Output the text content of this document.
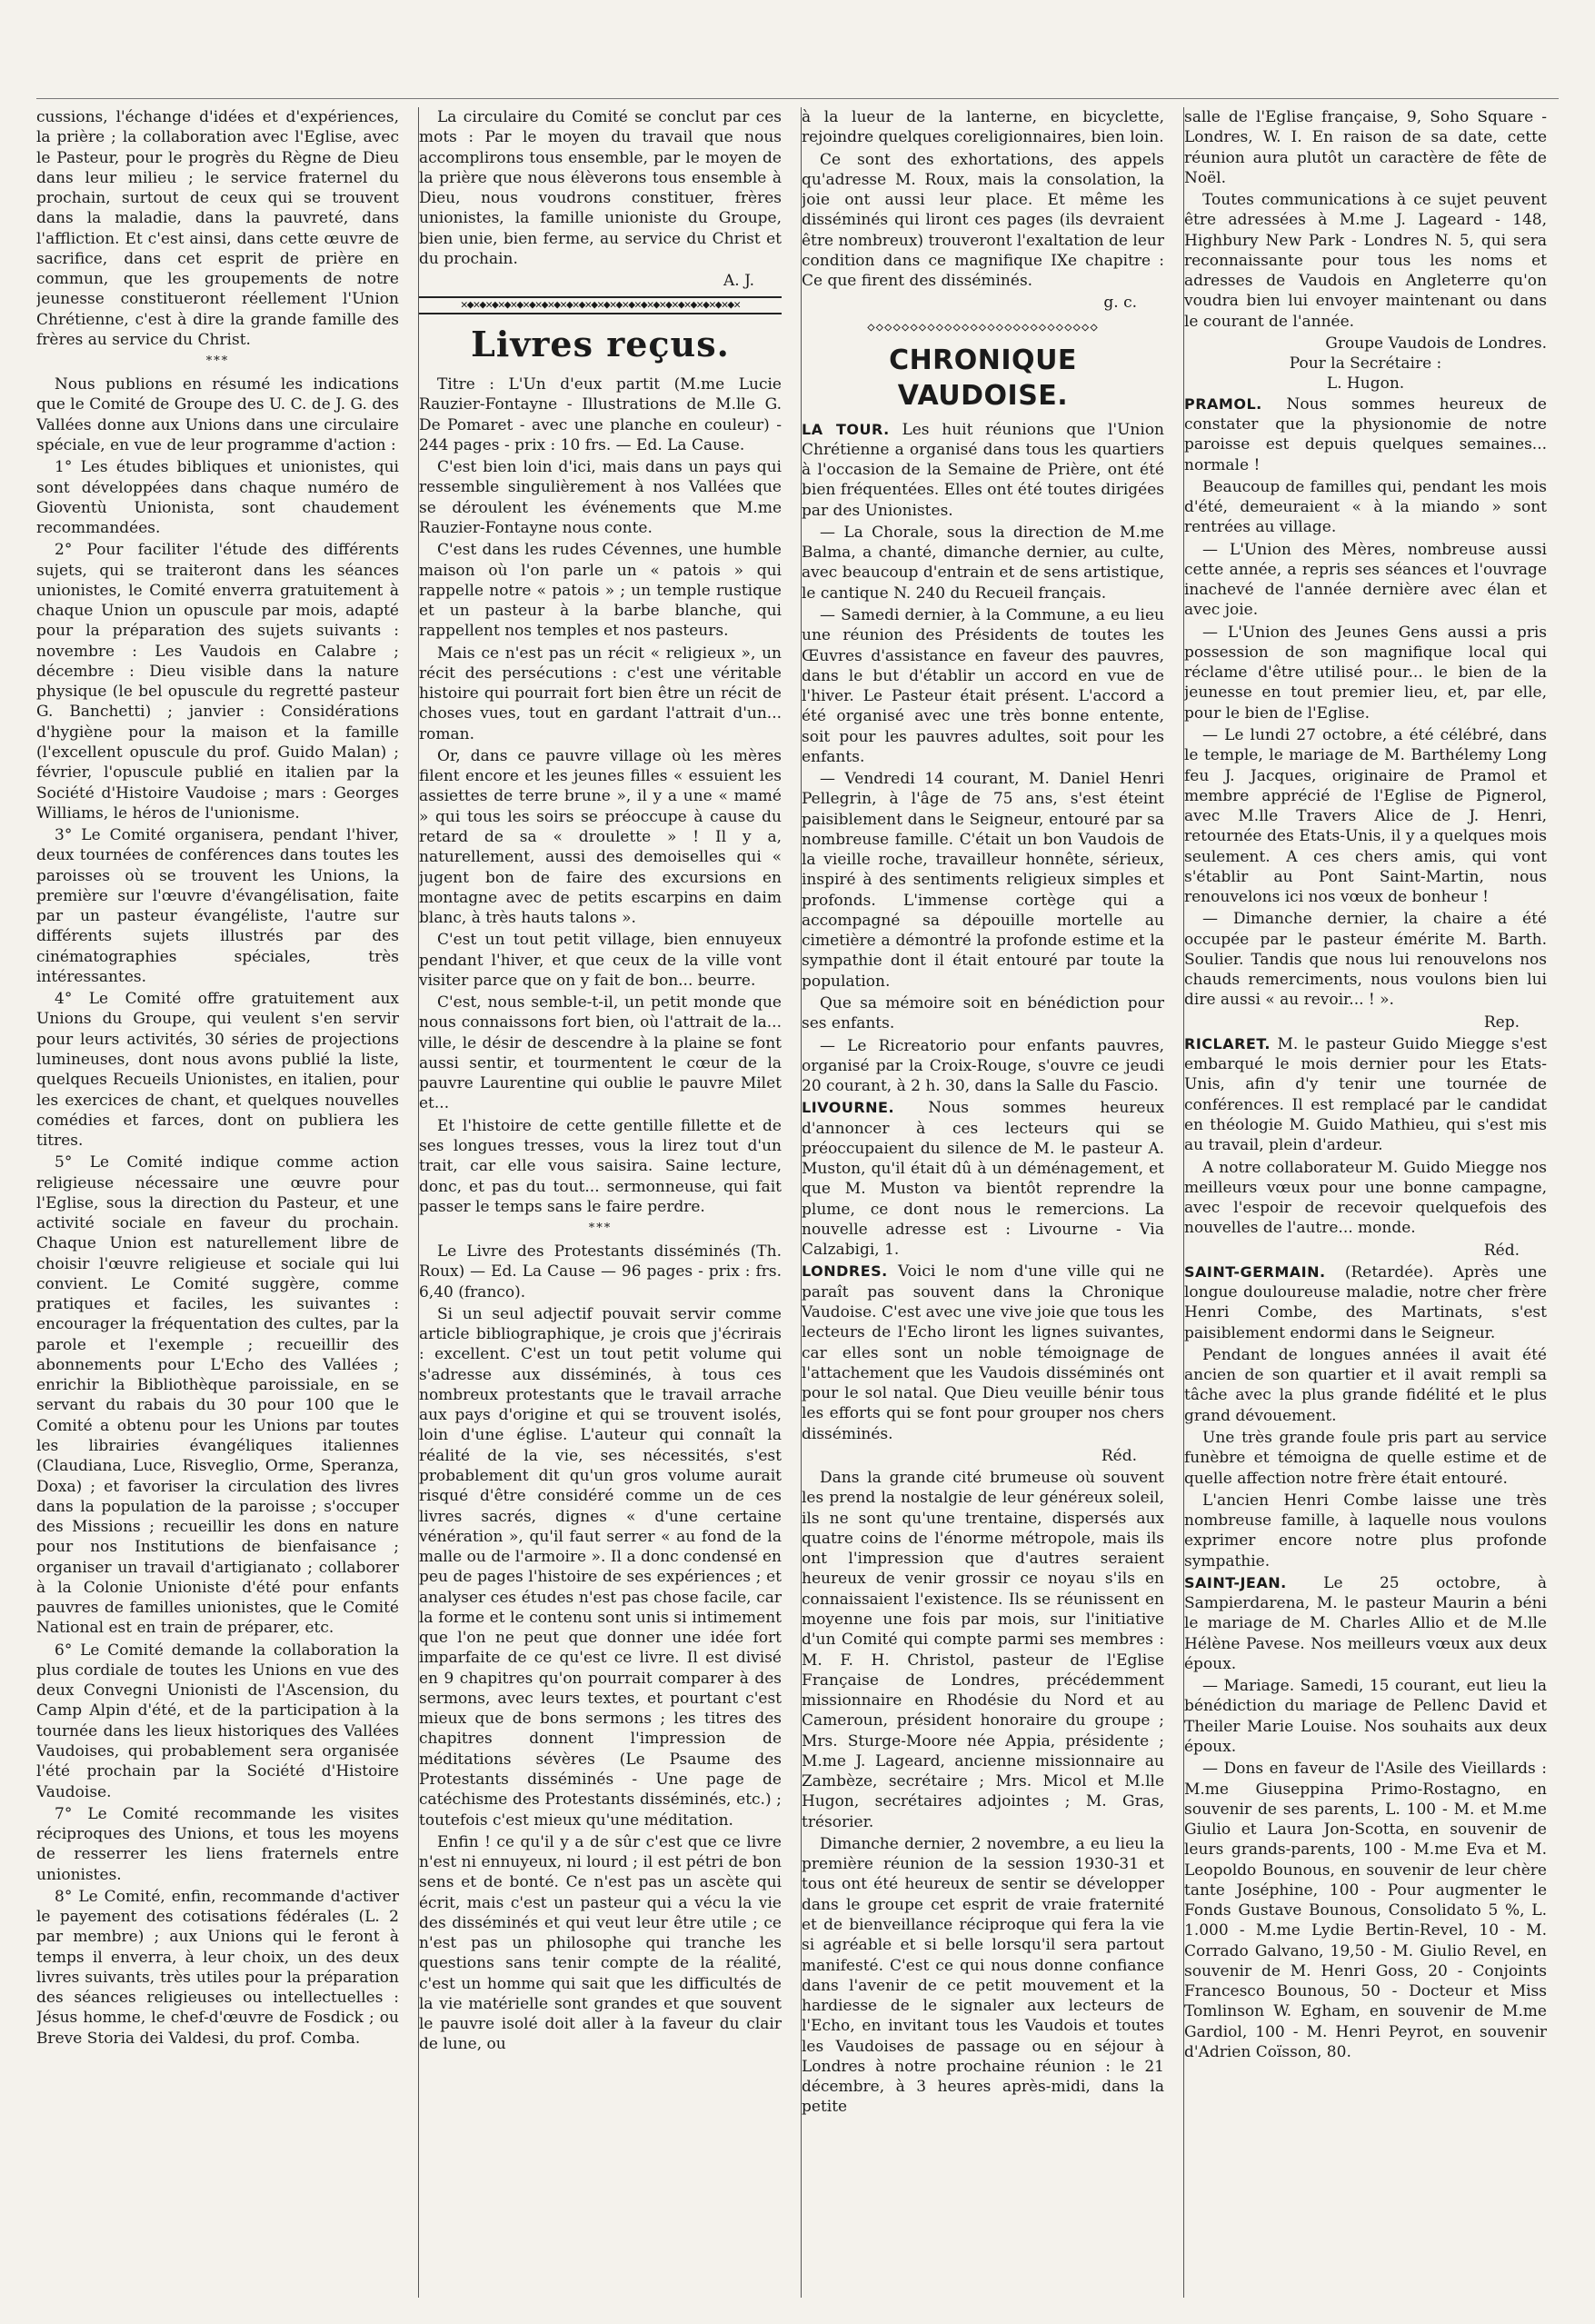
cussions, l'échange d'idées et d'expériences, la prière ; la collaboration avec l'Eglise, avec le Pasteur, pour le progrès du Règne de Dieu dans leur milieu ; le service fraternel du prochain, surtout de ceux qui se trouvent dans la maladie, dans la pauvreté, dans l'affliction. Et c'est ainsi, dans cette œuvre de sacrifice, dans cet esprit de prière en commun, que les groupements de notre jeunesse constitueront réellement l'Union Chrétienne, c'est à dire la grande famille des frères au service du Christ.

***

Nous publions en résumé les indications que le Comité de Groupe des U. C. de J. G. des Vallées donne aux Unions dans une circulaire spéciale, en vue de leur programme d'action :

1° Les études bibliques et unionistes, qui sont développées dans chaque numéro de Gioventù Unionista, sont chaudement recommandées.

2° Pour faciliter l'étude des différents sujets, qui se traiteront dans les séances unionistes, le Comité enverra gratuitement à chaque Union un opuscule par mois, adapté pour la préparation des sujets suivants : novembre : Les Vaudois en Calabre ; décembre : Dieu visible dans la nature physique (le bel opuscule du regretté pasteur G. Banchetti) ; janvier : Considérations d'hygiène pour la maison et la famille (l'excellent opuscule du prof. Guido Malan) ; février, l'opuscule publié en italien par la Société d'Histoire Vaudoise ; mars : Georges Williams, le héros de l'unionisme.

3° Le Comité organisera, pendant l'hiver, deux tournées de conférences dans toutes les paroisses où se trouvent les Unions, la première sur l'œuvre d'évangélisation, faite par un pasteur évangéliste, l'autre sur différents sujets illustrés par des cinématographies spéciales, très intéressantes.

4° Le Comité offre gratuitement aux Unions du Groupe, qui veulent s'en servir pour leurs activités, 30 séries de projections lumineuses, dont nous avons publié la liste, quelques Recueils Unionistes, en italien, pour les exercices de chant, et quelques nouvelles comédies et farces, dont on publiera les titres.

5° Le Comité indique comme action religieuse nécessaire une œuvre pour l'Eglise, sous la direction du Pasteur, et une activité sociale en faveur du prochain. Chaque Union est naturellement libre de choisir l'œuvre religieuse et sociale qui lui convient. Le Comité suggère, comme pratiques et faciles, les suivantes : encourager la fréquentation des cultes, par la parole et l'exemple ; recueillir des abonnements pour L'Echo des Vallées ; enrichir la Bibliothèque paroissiale, en se servant du rabais du 30 pour 100 que le Comité a obtenu pour les Unions par toutes les librairies évangéliques italiennes (Claudiana, Luce, Risveglio, Orme, Speranza, Doxa) ; et favoriser la circulation des livres dans la population de la paroisse ; s'occuper des Missions ; recueillir les dons en nature pour nos Institutions de bienfaisance ; organiser un travail d'artigianato ; collaborer à la Colonie Unioniste d'été pour enfants pauvres de familles unionistes, que le Comité National est en train de préparer, etc.

6° Le Comité demande la collaboration la plus cordiale de toutes les Unions en vue des deux Convegni Unionisti de l'Ascension, du Camp Alpin d'été, et de la participation à la tournée dans les lieux historiques des Vallées Vaudoises, qui probablement sera organisée l'été prochain par la Société d'Histoire Vaudoise.

7° Le Comité recommande les visites réciproques des Unions, et tous les moyens de resserrer les liens fraternels entre unionistes.

8° Le Comité, enfin, recommande d'activer le payement des cotisations fédérales (L. 2 par membre) ; aux Unions qui le feront à temps il enverra, à leur choix, un des deux livres suivants, très utiles pour la préparation des séances religieuses ou intellectuelles : Jésus homme, le chef-d'œuvre de Fosdick ; ou Breve Storia dei Valdesi, du prof. Comba.

La circulaire du Comité se conclut par ces mots : Par le moyen du travail que nous accomplirons tous ensemble, par le moyen de la prière que nous élèverons tous ensemble à Dieu, nous voudrons constituer, frères unionistes, la famille unioniste du Groupe, bien unie, bien ferme, au service du Christ et du prochain.

A. J.

✕◆✕◆✕◆✕◆✕◆✕◆✕◆✕◆✕◆✕◆✕◆✕◆✕◆✕◆✕◆✕◆✕◆✕◆✕◆✕◆✕◆✕◆✕
Livres reçus.

Titre : L'Un d'eux partit (M.me Lucie Rauzier-Fontayne - Illustrations de M.lle G. De Pomaret - avec une planche en couleur) - 244 pages - prix : 10 frs. — Ed. La Cause.

C'est bien loin d'ici, mais dans un pays qui ressemble singulièrement à nos Vallées que se déroulent les événements que M.me Rauzier-Fontayne nous conte.

C'est dans les rudes Cévennes, une humble maison où l'on parle un « patois » qui rappelle notre « patois » ; un temple rustique et un pasteur à la barbe blanche, qui rappellent nos temples et nos pasteurs.

Mais ce n'est pas un récit « religieux », un récit des persécutions : c'est une véritable histoire qui pourrait fort bien être un récit de choses vues, tout en gardant l'attrait d'un... roman.

Or, dans ce pauvre village où les mères filent encore et les jeunes filles « essuient les assiettes de terre brune », il y a une « mamé » qui tous les soirs se préoccupe à cause du retard de sa « droulette » ! Il y a, naturellement, aussi des demoiselles qui « jugent bon de faire des excursions en montagne avec de petits escarpins en daim blanc, à très hauts talons ».

C'est un tout petit village, bien ennuyeux pendant l'hiver, et que ceux de la ville vont visiter parce que on y fait de bon... beurre.

C'est, nous semble-t-il, un petit monde que nous connaissons fort bien, où l'attrait de la... ville, le désir de descendre à la plaine se font aussi sentir, et tourmentent le cœur de la pauvre Laurentine qui oublie le pauvre Milet et...

Et l'histoire de cette gentille fillette et de ses longues tresses, vous la lirez tout d'un trait, car elle vous saisira. Saine lecture, donc, et pas du tout... sermonneuse, qui fait passer le temps sans le faire perdre.

***

Le Livre des Protestants disséminés (Th. Roux) — Ed. La Cause — 96 pages - prix : frs. 6,40 (franco).

Si un seul adjectif pouvait servir comme article bibliographique, je crois que j'écrirais : excellent. C'est un tout petit volume qui s'adresse aux disséminés, à tous ces nombreux protestants que le travail arrache aux pays d'origine et qui se trouvent isolés, loin d'une église. L'auteur qui connaît la réalité de la vie, ses nécessités, s'est probablement dit qu'un gros volume aurait risqué d'être considéré comme un de ces livres sacrés, dignes « d'une certaine vénération », qu'il faut serrer « au fond de la malle ou de l'armoire ». Il a donc condensé en peu de pages l'histoire de ses expériences ; et analyser ces études n'est pas chose facile, car la forme et le contenu sont unis si intimement que l'on ne peut que donner une idée fort imparfaite de ce qu'est ce livre. Il est divisé en 9 chapitres qu'on pourrait comparer à des sermons, avec leurs textes, et pourtant c'est mieux que de bons sermons ; les titres des chapitres donnent l'impression de méditations sévères (Le Psaume des Protestants disséminés - Une page de catéchisme des Protestants disséminés, etc.) ; toutefois c'est mieux qu'une méditation.

Enfin ! ce qu'il y a de sûr c'est que ce livre n'est ni ennuyeux, ni lourd ; il est pétri de bon sens et de bonté. Ce n'est pas un ascète qui écrit, mais c'est un pasteur qui a vécu la vie des disséminés et qui veut leur être utile ; ce n'est pas un philosophe qui tranche les questions sans tenir compte de la réalité, c'est un homme qui sait que les difficultés de la vie matérielle sont grandes et que souvent le pauvre isolé doit aller à la faveur du clair de lune, ou

à la lueur de la lanterne, en bicyclette, rejoindre quelques coreligionnaires, bien loin.

Ce sont des exhortations, des appels qu'adresse M. Roux, mais la consolation, la joie ont aussi leur place. Et même les disséminés qui liront ces pages (ils devraient être nombreux) trouveront l'exaltation de leur condition dans ce magnifique IXe chapitre : Ce que firent des disséminés.

g. c.

◇◇◇◇◇◇◇◇◇◇◇◇◇◇◇◇◇◇◇◇◇◇◇◇◇◇◇
CHRONIQUE VAUDOISE.

LA TOUR. Les huit réunions que l'Union Chrétienne a organisé dans tous les quartiers à l'occasion de la Semaine de Prière, ont été bien fréquentées. Elles ont été toutes dirigées par des Unionistes.

— La Chorale, sous la direction de M.me Balma, a chanté, dimanche dernier, au culte, avec beaucoup d'entrain et de sens artistique, le cantique N. 240 du Recueil français.

— Samedi dernier, à la Commune, a eu lieu une réunion des Présidents de toutes les Œuvres d'assistance en faveur des pauvres, dans le but d'établir un accord en vue de l'hiver. Le Pasteur était présent. L'accord a été organisé avec une très bonne entente, soit pour les pauvres adultes, soit pour les enfants.

— Vendredi 14 courant, M. Daniel Henri Pellegrin, à l'âge de 75 ans, s'est éteint paisiblement dans le Seigneur, entouré par sa nombreuse famille. C'était un bon Vaudois de la vieille roche, travailleur honnête, sérieux, inspiré à des sentiments religieux simples et profonds. L'immense cortège qui a accompagné sa dépouille mortelle au cimetière a démontré la profonde estime et la sympathie dont il était entouré par toute la population.

Que sa mémoire soit en bénédiction pour ses enfants.

— Le Ricreatorio pour enfants pauvres, organisé par la Croix-Rouge, s'ouvre ce jeudi 20 courant, à 2 h. 30, dans la Salle du Fascio.

LIVOURNE. Nous sommes heureux d'annoncer à ces lecteurs qui se préoccupaient du silence de M. le pasteur A. Muston, qu'il était dû à un déménagement, et que M. Muston va bientôt reprendre la plume, ce dont nous le remercions. La nouvelle adresse est : Livourne - Via Calzabigi, 1.

LONDRES. Voici le nom d'une ville qui ne paraît pas souvent dans la Chronique Vaudoise. C'est avec une vive joie que tous les lecteurs de l'Echo liront les lignes suivantes, car elles sont un noble témoignage de l'attachement que les Vaudois disséminés ont pour le sol natal. Que Dieu veuille bénir tous les efforts qui se font pour grouper nos chers disséminés.

Réd.

Dans la grande cité brumeuse où souvent les prend la nostalgie de leur généreux soleil, ils ne sont qu'une trentaine, dispersés aux quatre coins de l'énorme métropole, mais ils ont l'impression que d'autres seraient heureux de venir grossir ce noyau s'ils en connaissaient l'existence. Ils se réunissent en moyenne une fois par mois, sur l'initiative d'un Comité qui compte parmi ses membres : M. F. H. Christol, pasteur de l'Eglise Française de Londres, précédemment missionnaire en Rhodésie du Nord et au Cameroun, président honoraire du groupe ; Mrs. Sturge-Moore née Appia, présidente ; M.me J. Lageard, ancienne missionnaire au Zambèze, secrétaire ; Mrs. Micol et M.lle Hugon, secrétaires adjointes ; M. Gras, trésorier.

Dimanche dernier, 2 novembre, a eu lieu la première réunion de la session 1930-31 et tous ont été heureux de sentir se développer dans le groupe cet esprit de vraie fraternité et de bienveillance réciproque qui fera la vie si agréable et si belle lorsqu'il sera partout manifesté. C'est ce qui nous donne confiance dans l'avenir de ce petit mouvement et la hardiesse de le signaler aux lecteurs de l'Echo, en invitant tous les Vaudois et toutes les Vaudoises de passage ou en séjour à Londres à notre prochaine réunion : le 21 décembre, à 3 heures après-midi, dans la petite

salle de l'Eglise française, 9, Soho Square - Londres, W. I. En raison de sa date, cette réunion aura plutôt un caractère de fête de Noël.

Toutes communications à ce sujet peuvent être adressées à M.me J. Lageard - 148, Highbury New Park - Londres N. 5, qui sera reconnaissante pour tous les noms et adresses de Vaudois en Angleterre qu'on voudra bien lui envoyer maintenant ou dans le courant de l'année.

Groupe Vaudois de Londres.

Pour la Secrétaire :

L. Hugon.

PRAMOL. Nous sommes heureux de constater que la physionomie de notre paroisse est depuis quelques semaines... normale !

Beaucoup de familles qui, pendant les mois d'été, demeuraient « à la miando » sont rentrées au village.

— L'Union des Mères, nombreuse aussi cette année, a repris ses séances et l'ouvrage inachevé de l'année dernière avec élan et avec joie.

— L'Union des Jeunes Gens aussi a pris possession de son magnifique local qui réclame d'être utilisé pour... le bien de la jeunesse en tout premier lieu, et, par elle, pour le bien de l'Eglise.

— Le lundi 27 octobre, a été célébré, dans le temple, le mariage de M. Barthélemy Long feu J. Jacques, originaire de Pramol et membre apprécié de l'Eglise de Pignerol, avec M.lle Travers Alice de J. Henri, retournée des Etats-Unis, il y a quelques mois seulement. A ces chers amis, qui vont s'établir au Pont Saint-Martin, nous renouvelons ici nos vœux de bonheur !

— Dimanche dernier, la chaire a été occupée par le pasteur émérite M. Barth. Soulier. Tandis que nous lui renouvelons nos chauds remerciments, nous voulons bien lui dire aussi « au revoir... ! ».

Rep.

RICLARET. M. le pasteur Guido Miegge s'est embarqué le mois dernier pour les Etats-Unis, afin d'y tenir une tournée de conférences. Il est remplacé par le candidat en théologie M. Guido Mathieu, qui s'est mis au travail, plein d'ardeur.

A notre collaborateur M. Guido Miegge nos meilleurs vœux pour une bonne campagne, avec l'espoir de recevoir quelquefois des nouvelles de l'autre... monde.

Réd.

SAINT-GERMAIN. (Retardée). Après une longue douloureuse maladie, notre cher frère Henri Combe, des Martinats, s'est paisiblement endormi dans le Seigneur.

Pendant de longues années il avait été ancien de son quartier et il avait rempli sa tâche avec la plus grande fidélité et le plus grand dévouement.

Une très grande foule pris part au service funèbre et témoigna de quelle estime et de quelle affection notre frère était entouré.

L'ancien Henri Combe laisse une très nombreuse famille, à laquelle nous voulons exprimer encore notre plus profonde sympathie.

SAINT-JEAN. Le 25 octobre, à Sampierdarena, M. le pasteur Maurin a béni le mariage de M. Charles Allio et de M.lle Hélène Pavese. Nos meilleurs vœux aux deux époux.

— Mariage. Samedi, 15 courant, eut lieu la bénédiction du mariage de Pellenc David et Theiler Marie Louise. Nos souhaits aux deux époux.

— Dons en faveur de l'Asile des Vieillards : M.me Giuseppina Primo-Rostagno, en souvenir de ses parents, L. 100 - M. et M.me Giulio et Laura Jon-Scotta, en souvenir de leurs grands-parents, 100 - M.me Eva et M. Leopoldo Bounous, en souvenir de leur chère tante Joséphine, 100 - Pour augmenter le Fonds Gustave Bounous, Consolidato 5 %, L. 1.000 - M.me Lydie Bertin-Revel, 10 - M. Corrado Galvano, 19,50 - M. Giulio Revel, en souvenir de M. Henri Goss, 20 - Conjoints Francesco Bounous, 50 - Docteur et Miss Tomlinson W. Egham, en souvenir de M.me Gardiol, 100 - M. Henri Peyrot, en souvenir d'Adrien Coïsson, 80.
